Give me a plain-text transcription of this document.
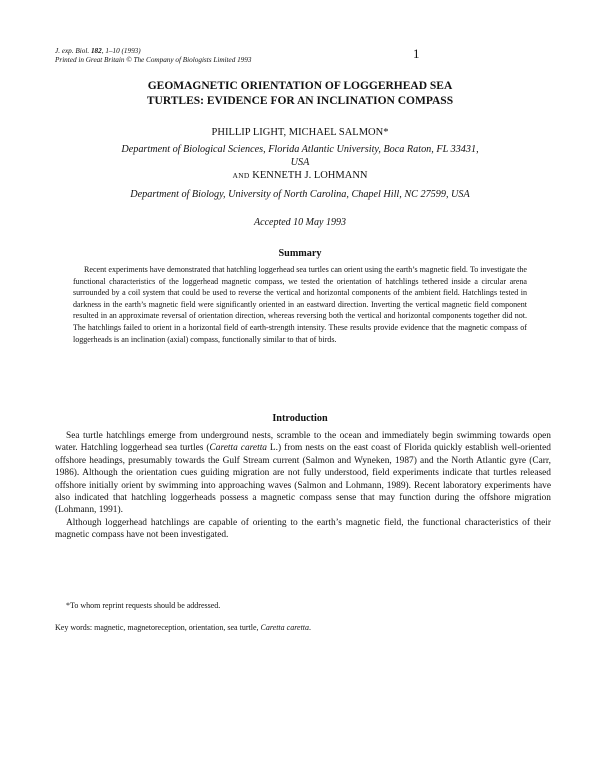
J. exp. Biol. 182, 1–10 (1993)
Printed in Great Britain © The Company of Biologists Limited 1993	1
GEOMAGNETIC ORIENTATION OF LOGGERHEAD SEA
TURTLES: EVIDENCE FOR AN INCLINATION COMPASS
PHILLIP LIGHT, MICHAEL SALMON*
Department of Biological Sciences, Florida Atlantic University, Boca Raton, FL 33431,
USA
AND KENNETH J. LOHMANN
Department of Biology, University of North Carolina, Chapel Hill, NC 27599, USA
Accepted 10 May 1993
Summary

Recent experiments have demonstrated that hatchling loggerhead sea turtles can orient using the earth’s magnetic field. To investigate the functional characteristics of the loggerhead magnetic compass, we tested the orientation of hatchlings tethered inside a circular arena surrounded by a coil system that could be used to reverse the vertical and horizontal components of the ambient field. Hatchlings tested in darkness in the earth’s magnetic field were significantly oriented in an eastward direction. Inverting the vertical magnetic field component resulted in an approximate reversal of orientation direction, whereas reversing both the vertical and horizontal components together did not. The hatchlings failed to orient in a horizontal field of earth-strength intensity. These results provide evidence that the magnetic compass of loggerheads is an inclination (axial) compass, functionally similar to that of birds.

Introduction

Sea turtle hatchlings emerge from underground nests, scramble to the ocean and immediately begin swimming towards open water. Hatchling loggerhead sea turtles (Caretta caretta L.) from nests on the east coast of Florida quickly establish well-oriented offshore headings, presumably towards the Gulf Stream current (Salmon and Wyneken, 1987) and the North Atlantic gyre (Carr, 1986). Although the orientation cues guiding migration are not fully understood, field experiments indicate that turtles released offshore initially orient by swimming into approaching waves (Salmon and Lohmann, 1989). Recent laboratory experiments have also indicated that hatchling loggerheads possess a magnetic compass sense that may function during the offshore migration (Lohmann, 1991).

Although loggerhead hatchlings are capable of orienting to the earth’s magnetic field, the functional characteristics of their magnetic compass have not been investigated.

*To whom reprint requests should be addressed.
Key words: magnetic, magnetoreception, orientation, sea turtle, Caretta caretta.
